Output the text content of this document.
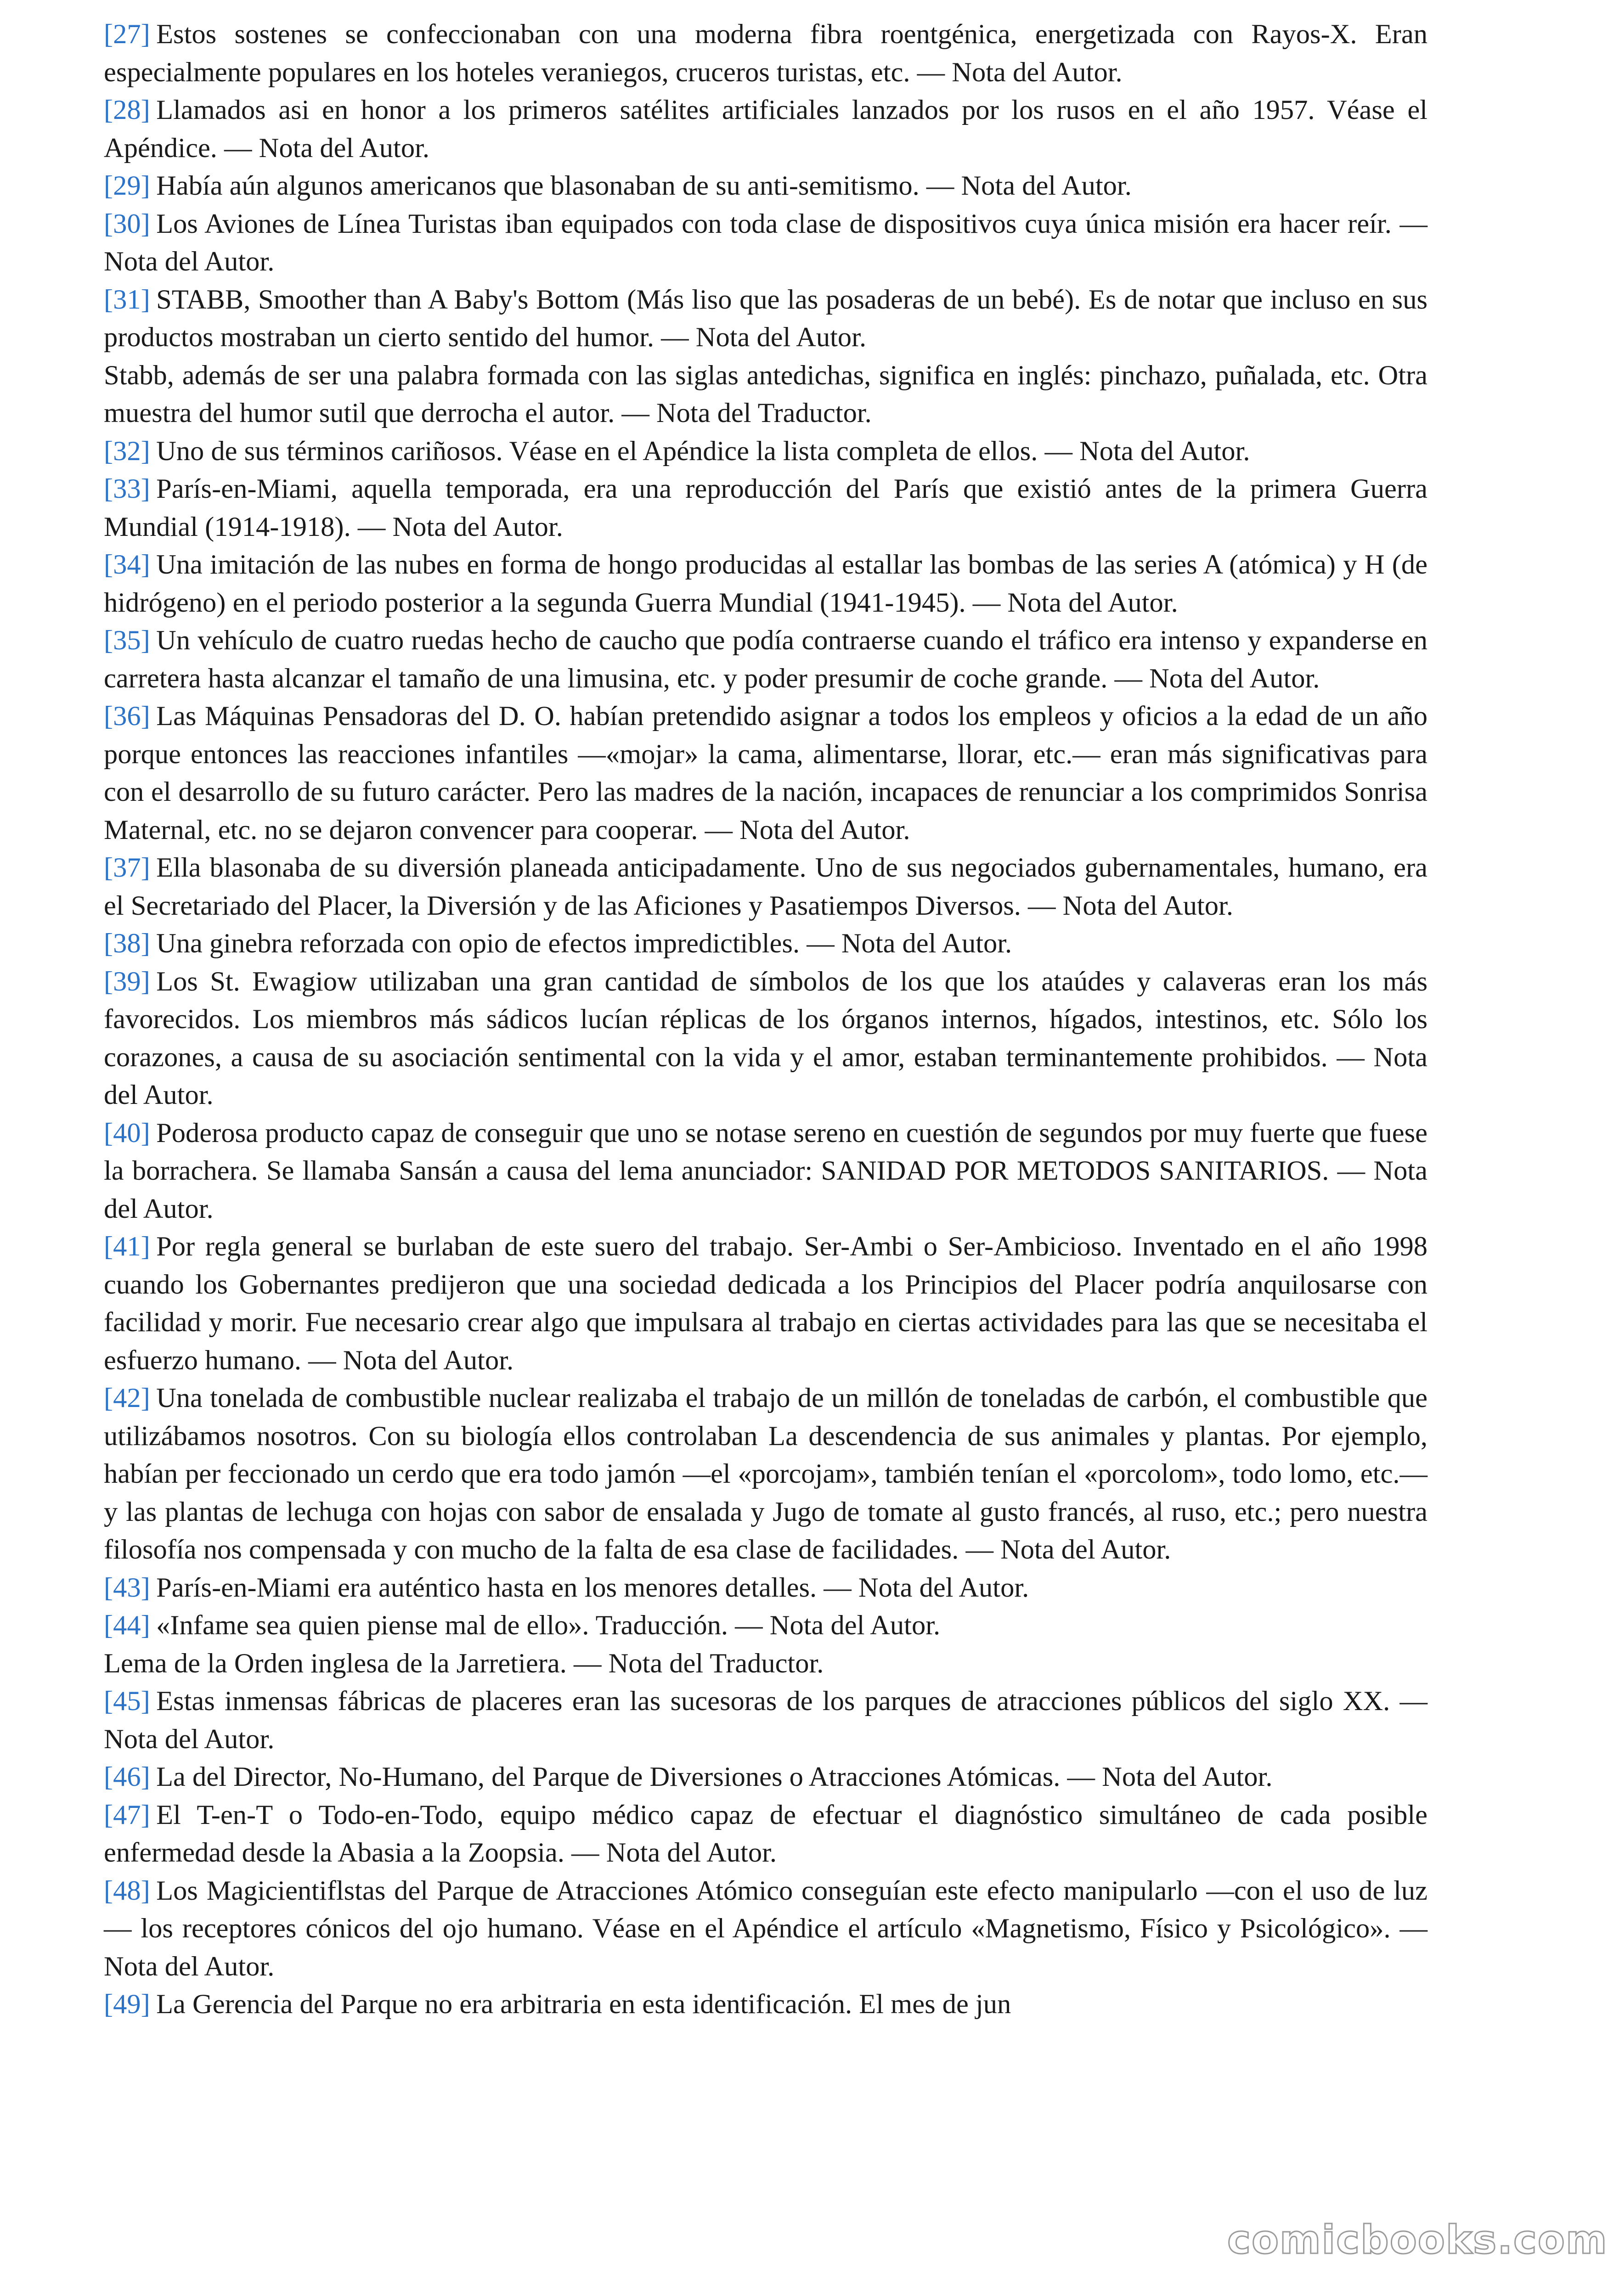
[27] Estos sostenes se confeccionaban con una moderna fibra roentgénica, energetizada con Rayos-X. Eran especialmente populares en los hoteles veraniegos, cruceros turistas, etc. — Nota del Autor.

[28] Llamados asi en honor a los primeros satélites artificiales lanzados por los rusos en el año 1957. Véase el Apéndice. — Nota del Autor.

[29] Había aún algunos americanos que blasonaban de su anti-semitismo. — Nota del Autor.

[30] Los Aviones de Línea Turistas iban equipados con toda clase de dispositivos cuya única misión era hacer reír. — Nota del Autor.

[31] STABB, Smoother than A Baby's Bottom (Más liso que las posaderas de un bebé). Es de notar que incluso en sus productos mostraban un cierto sentido del humor. — Nota del Autor.

Stabb, además de ser una palabra formada con las siglas antedichas, significa en inglés: pinchazo, puñalada, etc. Otra muestra del humor sutil que derrocha el autor. — Nota del Traductor.

[32] Uno de sus términos cariñosos. Véase en el Apéndice la lista completa de ellos. — Nota del Autor.

[33] París-en-Miami, aquella temporada, era una reproducción del París que existió antes de la primera Guerra Mundial (1914-1918). — Nota del Autor.

[34] Una imitación de las nubes en forma de hongo producidas al estallar las bombas de las series A (atómica) y H (de hidrógeno) en el periodo posterior a la segunda Guerra Mundial (1941-1945). — Nota del Autor.

[35] Un vehículo de cuatro ruedas hecho de caucho que podía contraerse cuando el tráfico era intenso y expanderse en carretera hasta alcanzar el tamaño de una limusina, etc. y poder presumir de coche grande. — Nota del Autor.

[36] Las Máquinas Pensadoras del D. O. habían pretendido asignar a todos los empleos y oficios a la edad de un año porque entonces las reacciones infantiles —«mojar» la cama, alimentarse, llorar, etc.— eran más significativas para con el desarrollo de su futuro carácter. Pero las madres de la nación, incapaces de renunciar a los comprimidos Sonrisa Maternal, etc. no se dejaron convencer para cooperar. — Nota del Autor.

[37] Ella blasonaba de su diversión planeada anticipadamente. Uno de sus negociados gubernamentales, humano, era el Secretariado del Placer, la Diversión y de las Aficiones y Pasatiempos Diversos. — Nota del Autor.

[38] Una ginebra reforzada con opio de efectos impredictibles. — Nota del Autor.

[39] Los St. Ewagiow utilizaban una gran cantidad de símbolos de los que los ataúdes y calaveras eran los más favorecidos. Los miembros más sádicos lucían réplicas de los órganos internos, hígados, intestinos, etc. Sólo los corazones, a causa de su asociación sentimental con la vida y el amor, estaban terminantemente prohibidos. — Nota del Autor.

[40] Poderosa producto capaz de conseguir que uno se notase sereno en cuestión de segundos por muy fuerte que fuese la borrachera. Se llamaba Sansán a causa del lema anunciador: SANIDAD POR METODOS SANITARIOS. — Nota del Autor.

[41] Por regla general se burlaban de este suero del trabajo. Ser-Ambi o Ser-Ambicioso. Inventado en el año 1998 cuando los Gobernantes predijeron que una sociedad dedicada a los Principios del Placer podría anquilosarse con facilidad y morir. Fue necesario crear algo que impulsara al trabajo en ciertas actividades para las que se necesitaba el esfuerzo humano. — Nota del Autor.

[42] Una tonelada de combustible nuclear realizaba el trabajo de un millón de toneladas de carbón, el combustible que utilizábamos nosotros. Con su biología ellos controlaban La descendencia de sus animales y plantas. Por ejemplo, habían per feccionado un cerdo que era todo jamón —el «porcojam», también tenían el «porcolom», todo lomo, etc.— y las plantas de lechuga con hojas con sabor de ensalada y Jugo de tomate al gusto francés, al ruso, etc.; pero nuestra filosofía nos compensada y con mucho de la falta de esa clase de facilidades. — Nota del Autor.

[43] París-en-Miami era auténtico hasta en los menores detalles. — Nota del Autor.

[44] «Infame sea quien piense mal de ello». Traducción. — Nota del Autor.

Lema de la Orden inglesa de la Jarretiera. — Nota del Traductor.

[45] Estas inmensas fábricas de placeres eran las sucesoras de los parques de atracciones públicos del siglo XX. — Nota del Autor.

[46] La del Director, No-Humano, del Parque de Diversiones o Atracciones Atómicas. — Nota del Autor.

[47] El T-en-T o Todo-en-Todo, equipo médico capaz de efectuar el diagnóstico simultáneo de cada posible enfermedad desde la Abasia a la Zoopsia. — Nota del Autor.

[48] Los Magicientiflstas del Parque de Atracciones Atómico conseguían este efecto manipularlo —con el uso de luz— los receptores cónicos del ojo humano. Véase en el Apéndice el artículo «Magnetismo, Físico y Psicológico». — Nota del Autor.

[49] La Gerencia del Parque no era arbitraria en esta identificación. El mes de jun

comicbooks.com
